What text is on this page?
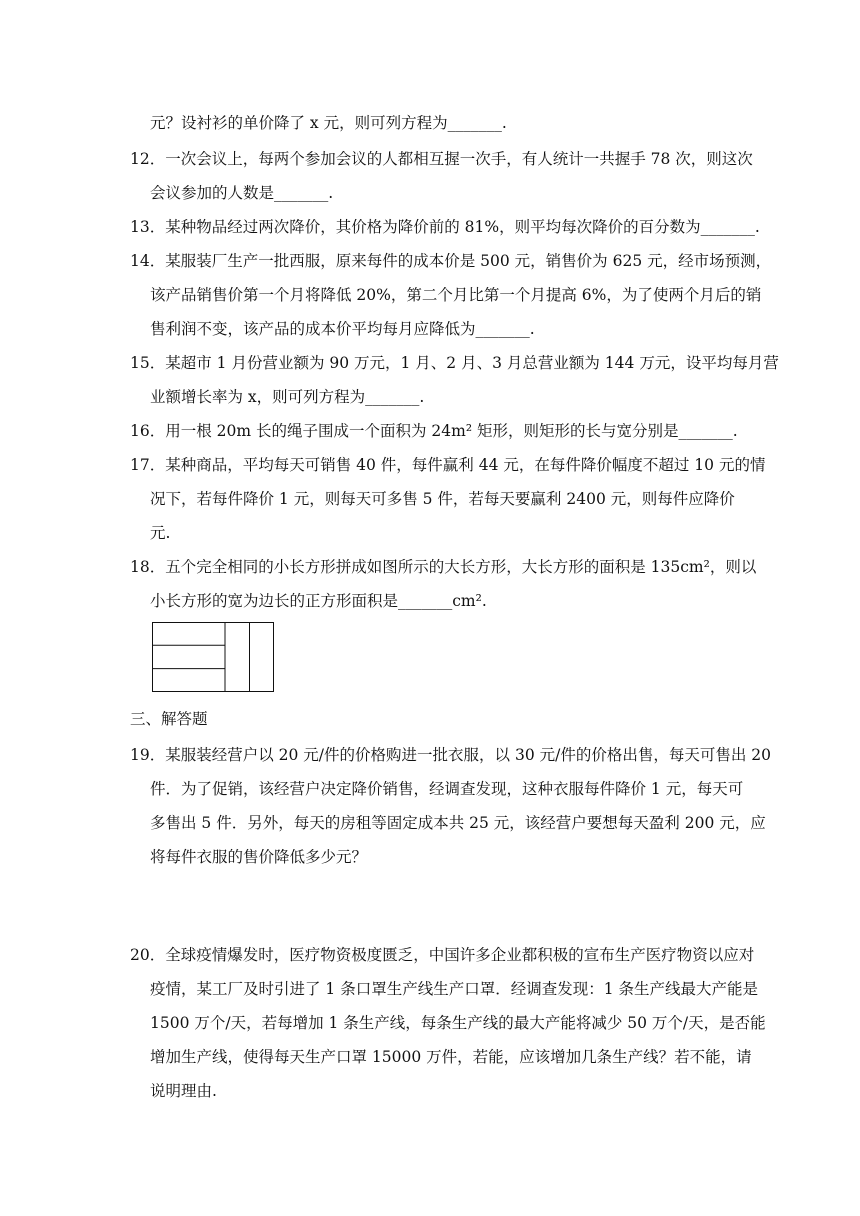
元？设衬衫的单价降了 x 元，则可列方程为_______.
12．一次会议上，每两个参加会议的人都相互握一次手，有人统计一共握手 78 次，则这次
会议参加的人数是_______.
13．某种物品经过两次降价，其价格为降价前的 81%，则平均每次降价的百分数为_______.
14．某服装厂生产一批西服，原来每件的成本价是 500 元，销售价为 625 元，经市场预测，
该产品销售价第一个月将降低 20%，第二个月比第一个月提高 6%，为了使两个月后的销
售利润不变，该产品的成本价平均每月应降低为_______.
15．某超市 1 月份营业额为 90 万元，1 月、2 月、3 月总营业额为 144 万元，设平均每月营
业额增长率为 x，则可列方程为_______.
16．用一根 20m 长的绳子围成一个面积为 24m² 矩形，则矩形的长与宽分别是_______.
17．某种商品，平均每天可销售 40 件，每件赢利 44 元，在每件降价幅度不超过 10 元的情
况下，若每件降价 1 元，则每天可多售 5 件，若每天要赢利 2400 元，则每件应降价
元.
18．五个完全相同的小长方形拼成如图所示的大长方形，大长方形的面积是 135cm²，则以
小长方形的宽为边长的正方形面积是_______cm².
三、解答题
19．某服装经营户以 20 元/件的价格购进一批衣服，以 30 元/件的价格出售，每天可售出 20
件．为了促销，该经营户决定降价销售，经调查发现，这种衣服每件降价 1 元，每天可
多售出 5 件．另外，每天的房租等固定成本共 25 元，该经营户要想每天盈利 200 元，应
将每件衣服的售价降低多少元？
20．全球疫情爆发时，医疗物资极度匮乏，中国许多企业都积极的宣布生产医疗物资以应对
疫情，某工厂及时引进了 1 条口罩生产线生产口罩．经调查发现：1 条生产线最大产能是
1500 万个/天，若每增加 1 条生产线，每条生产线的最大产能将减少 50 万个/天，是否能
增加生产线，使得每天生产口罩 15000 万件，若能，应该增加几条生产线？若不能，请
说明理由.
